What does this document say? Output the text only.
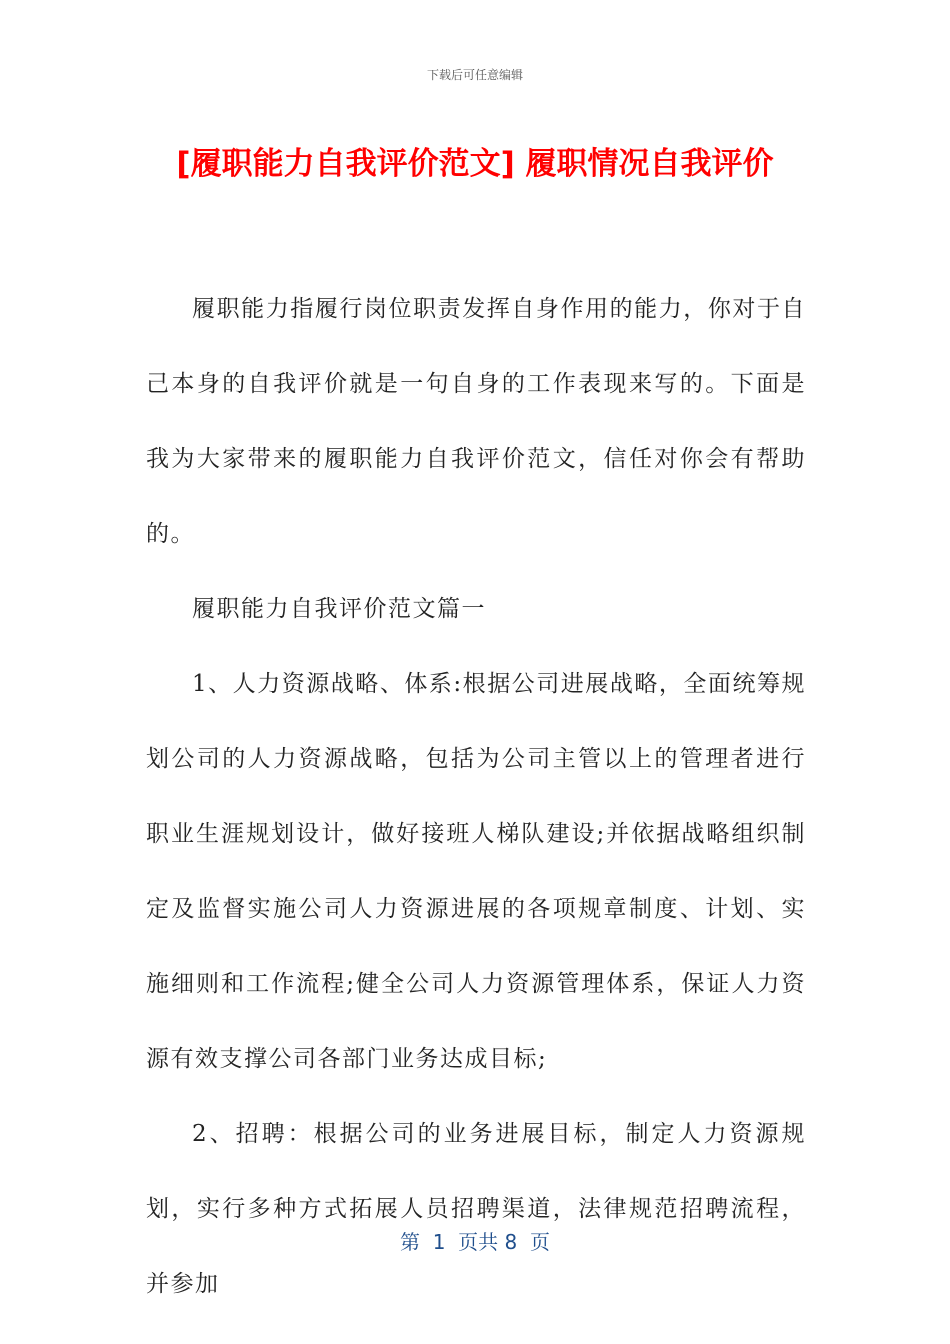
下载后可任意编辑
[履职能力自我评价范文] 履职情况自我评价

履职能力指履行岗位职责发挥自身作用的能力，你对于自己本身的自我评价就是一句自身的工作表现来写的。下面是我为大家带来的履职能力自我评价范文，信任对你会有帮助的。

履职能力自我评价范文篇一

1、人力资源战略、体系:根据公司进展战略，全面统筹规划公司的人力资源战略，包括为公司主管以上的管理者进行职业生涯规划设计，做好接班人梯队建设;并依据战略组织制定及监督实施公司人力资源进展的各项规章制度、计划、实施细则和工作流程;健全公司人力资源管理体系，保证人力资源有效支撑公司各部门业务达成目标;

2、招聘：根据公司的业务进展目标，制定人力资源规划，实行多种方式拓展人员招聘渠道，法律规范招聘流程，并参加

第  1  页共 8  页
